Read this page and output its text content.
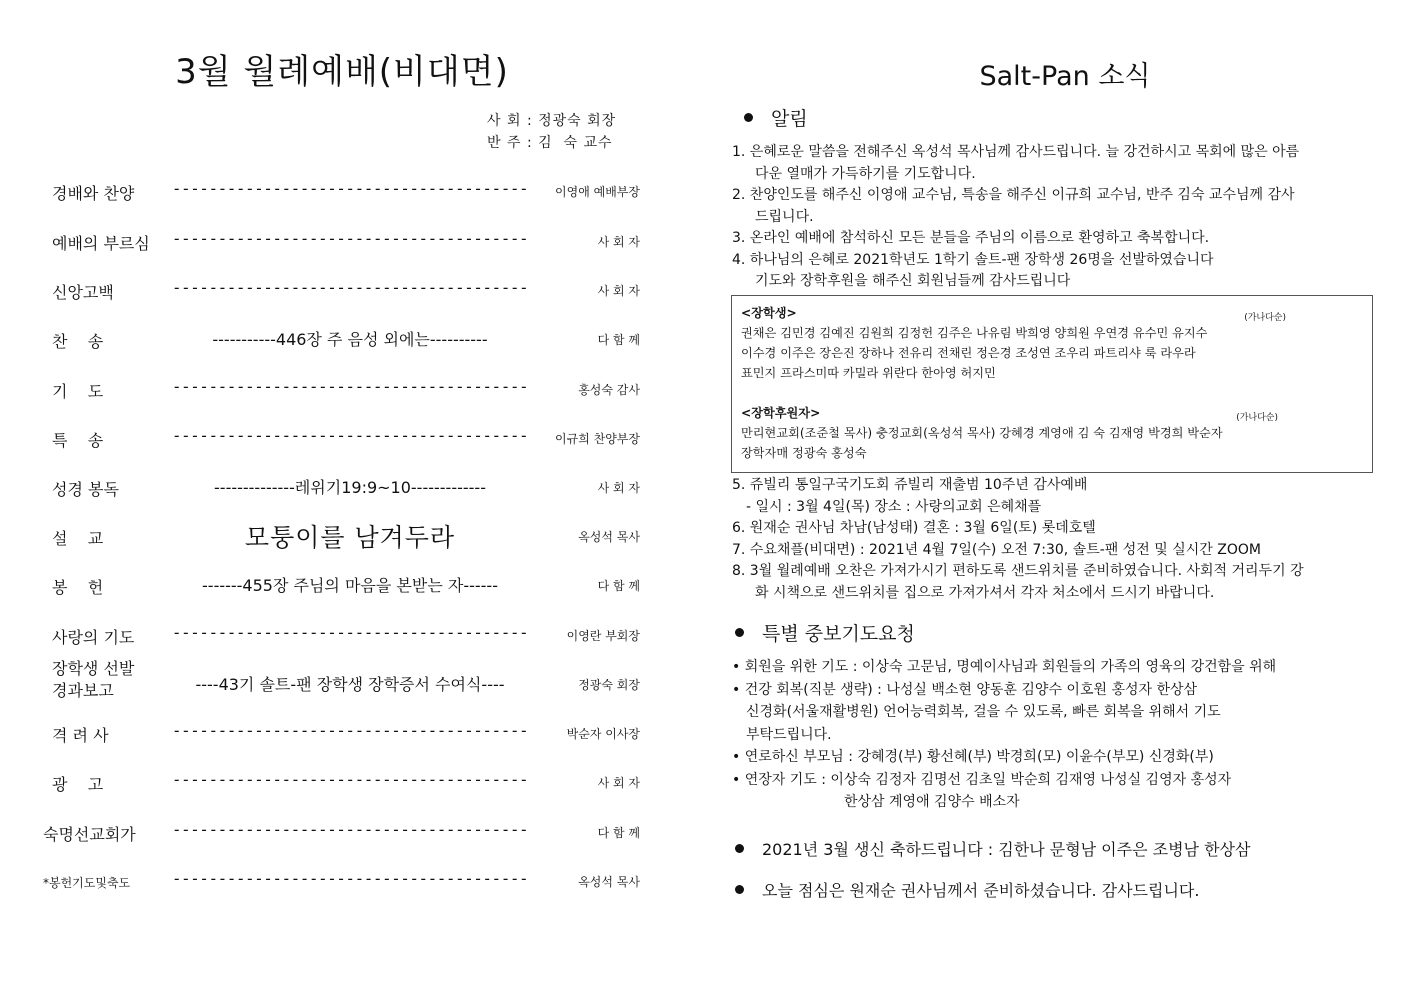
3월 월례예배(비대면)
사 회 : 정광숙 회장
반 주 : 김  숙 교수
경배와 찬양 --------------------------------------- 이영애 예배부장
예배의 부르심 ---------------------------------------	사 회 자
신앙고백	---------------------------------------	사 회 자
찬    송	-----------446장 주 음성 외에는----------	다 함 께
기    도	---------------------------------------	홍성숙 감사
특    송	--------------------------------------- 이규희 찬양부장
성경 봉독	--------------레위기19:9~10-------------	사 회 자
설    교	모퉁이를 남겨두라	옥성석 목사
봉    헌	-------455장 주님의 마음을 본받는 자------	다 함 께
사랑의 기도 ---------------------------------------	이영란 부회장
장학생 선발
경과보고	----43기 솔트-팬 장학생 장학증서 수여식----	정광숙 회장
격 려 사	---------------------------------------	박순자 이사장
광    고	---------------------------------------	사 회 자
숙명선교회가 ---------------------------------------	다 함 께
*봉헌기도및축도	---------------------------------------	옥성석 목사
Salt-Pan 소식
알림
1. 은혜로운 말씀을 전해주신 옥성석 목사님께 감사드립니다. 늘 강건하시고 목회에 많은 아름
다운 열매가 가득하기를 기도합니다.
2. 찬양인도를 해주신 이영애 교수님, 특송을 해주신 이규희 교수님, 반주 김숙 교수님께 감사
드립니다.
3. 온라인 예배에 참석하신 모든 분들을 주님의 이름으로 환영하고 축복합니다.
4. 하나님의 은혜로 2021학년도 1학기 솔트-팬 장학생 26명을 선발하였습니다
기도와 장학후원을 해주신 회원님들께 감사드립니다
<장학생>
권채은 김민경 김예진 김원희 김정헌 김주은 나유림 박희영 양희원 우연경 유수민 유지수
이수경 이주은 장은진 장하나 전유리 전채린 정은경 조성연 조우리 파트리샤 룩 라우라
표민지 프라스미따 카밀라 위란다 한아영 허지민
(가나다순)
<장학후원자>
만리현교회(조준철 목사) 충정교회(옥성석 목사) 강혜경 계영애 김 숙 김재영 박경희 박순자
장학자매 정광숙 홍성숙
(가나다순)
5. 쥬빌리 통일구국기도회 쥬빌리 재출범 10주년 감사예배
- 일시 : 3월 4일(목) 장소 : 사랑의교회 은혜채플
6. 원재순 권사님 차남(남성태) 결혼 : 3월 6일(토) 롯데호텔
7. 수요채플(비대면) : 2021년 4월 7일(수) 오전 7:30, 솔트-팬 성전 및 실시간 ZOOM
8. 3월 월례예배 오찬은 가져가시기 편하도록 샌드위치를 준비하였습니다. 사회적 거리두기 강
화 시책으로 샌드위치를 집으로 가져가셔서 각자 처소에서 드시기 바랍니다.
특별 중보기도요청
• 회원을 위한 기도 : 이상숙 고문님, 명예이사님과 회원들의 가족의 영육의 강건함을 위해
• 건강 회복(직분 생략) : 나성실 백소현 양동훈 김양수 이호원 홍성자 한상삼
신경화(서울재활병원) 언어능력회복, 걸을 수 있도록, 빠른 회복을 위해서 기도
부탁드립니다.
• 연로하신 부모님 : 강혜경(부) 황선혜(부) 박경희(모) 이윤수(부모) 신경화(부)
• 연장자 기도 : 이상숙 김정자 김명선 김초일 박순희 김재영 나성실 김영자 홍성자
한상삼 계영애 김양수 배소자
2021년 3월 생신 축하드립니다 : 김한나 문형남 이주은 조병남 한상삼
오늘 점심은 원재순 권사님께서 준비하셨습니다. 감사드립니다.
